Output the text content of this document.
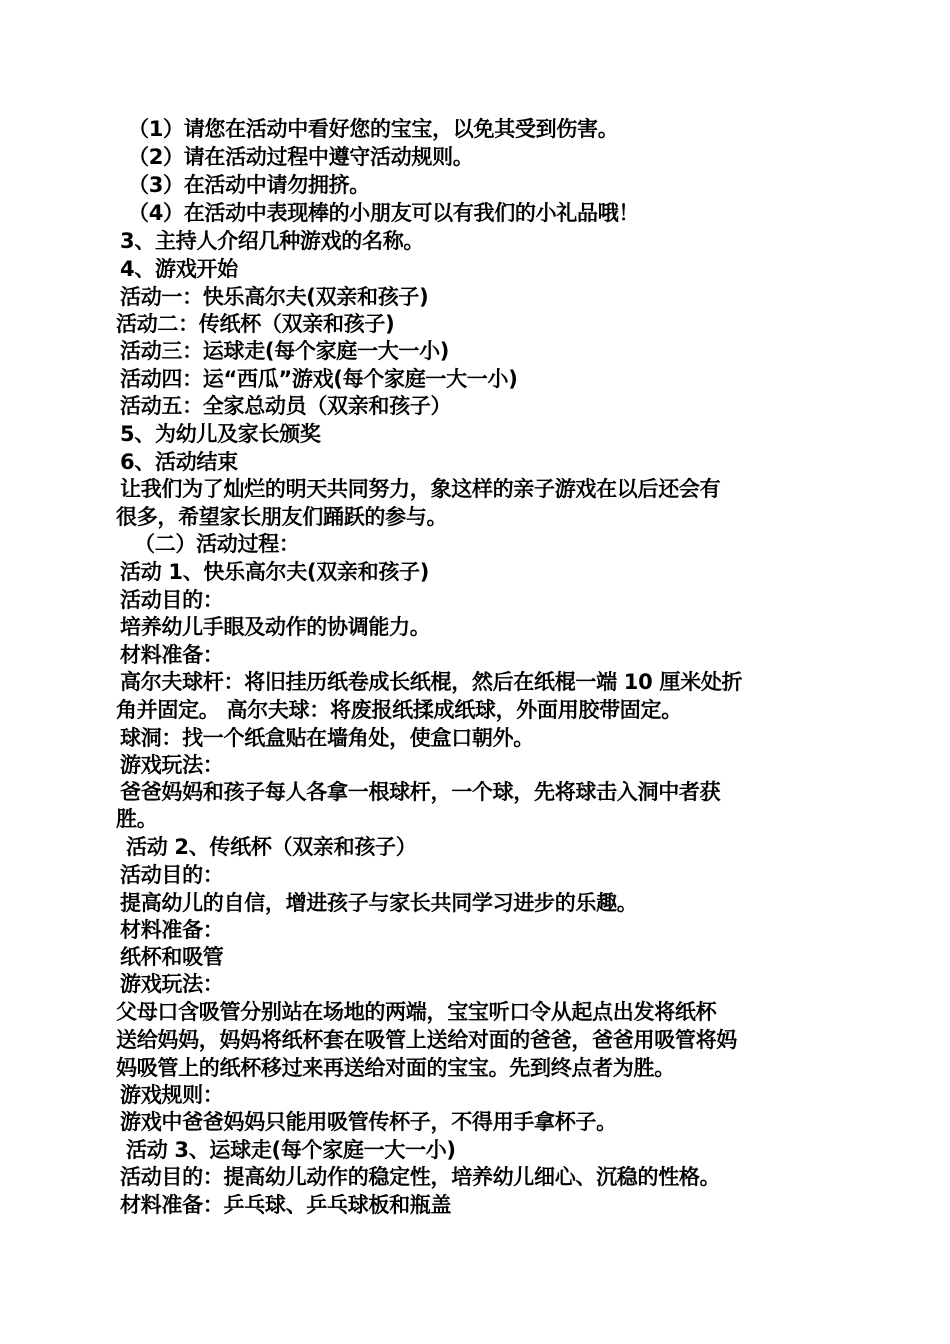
（1）请您在活动中看好您的宝宝，以免其受到伤害。
（2）请在活动过程中遵守活动规则。
（3）在活动中请勿拥挤。
（4）在活动中表现棒的小朋友可以有我们的小礼品哦！
3、主持人介绍几种游戏的名称。
4、游戏开始
活动一：快乐高尔夫(双亲和孩子)
活动二：传纸杯（双亲和孩子)
活动三：运球走(每个家庭一大一小)
活动四：运“西瓜”游戏(每个家庭一大一小)
活动五：全家总动员（双亲和孩子）
5、为幼儿及家长颁奖
6、活动结束
让我们为了灿烂的明天共同努力，象这样的亲子游戏在以后还会有
很多，希望家长朋友们踊跃的参与。
（二）活动过程：
活动 1、快乐高尔夫(双亲和孩子)
活动目的：
培养幼儿手眼及动作的协调能力。
材料准备：
高尔夫球杆：将旧挂历纸卷成长纸棍，然后在纸棍一端 10 厘米处折
角并固定。 高尔夫球：将废报纸揉成纸球，外面用胶带固定。
球洞：找一个纸盒贴在墙角处，使盒口朝外。
游戏玩法：
爸爸妈妈和孩子每人各拿一根球杆，一个球，先将球击入洞中者获
胜。
活动 2、传纸杯（双亲和孩子）
活动目的：
提高幼儿的自信，增进孩子与家长共同学习进步的乐趣。
材料准备：
纸杯和吸管
游戏玩法：
父母口含吸管分别站在场地的两端，宝宝听口令从起点出发将纸杯
送给妈妈，妈妈将纸杯套在吸管上送给对面的爸爸，爸爸用吸管将妈
妈吸管上的纸杯移过来再送给对面的宝宝。先到终点者为胜。
游戏规则：
游戏中爸爸妈妈只能用吸管传杯子，不得用手拿杯子。
活动 3、运球走(每个家庭一大一小)
活动目的：提高幼儿动作的稳定性，培养幼儿细心、沉稳的性格。
材料准备：乒乓球、乒乓球板和瓶盖
